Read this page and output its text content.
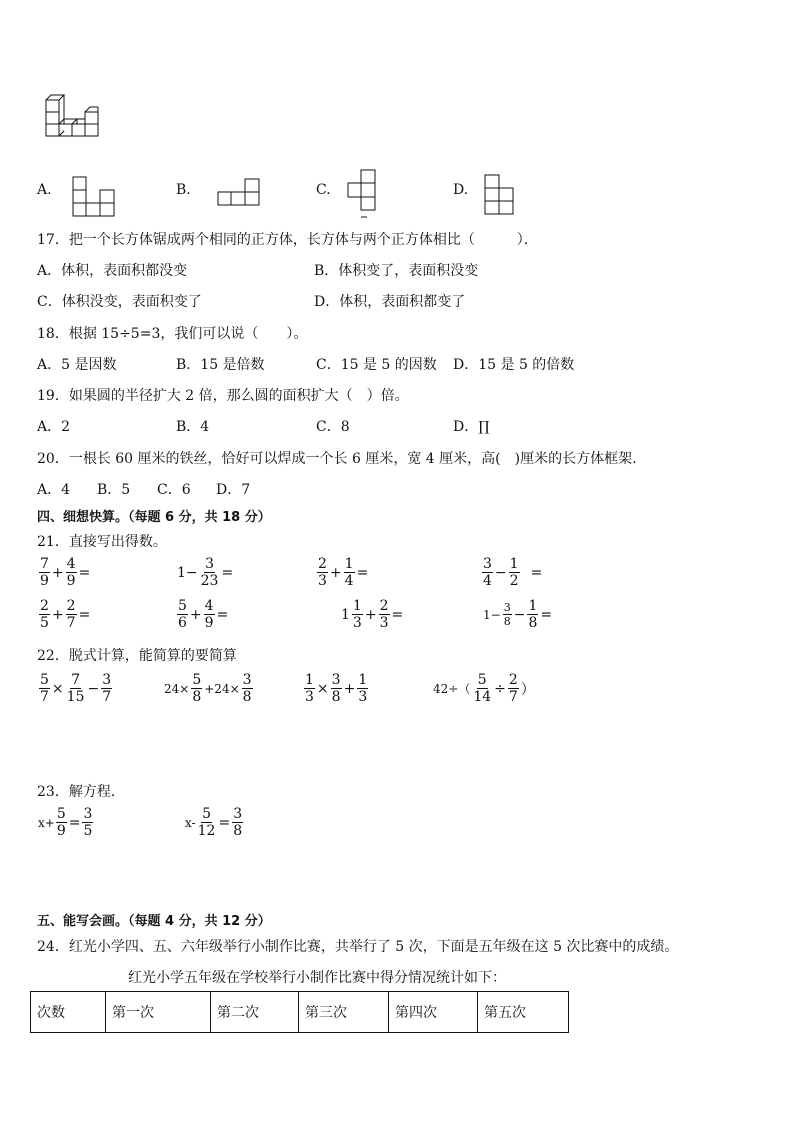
A.	B.	C.	D.
17．把一个长方体锯成两个相同的正方体，长方体与两个正方体相比（　　　）．
A．体积，表面积都没变	B．体积变了，表面积没变
C．体积没变，表面积变了	D．体积，表面积都变了
18．根据 15÷5=3，我们可以说（　　）。
A．5 是因数	B．15 是倍数	C．15 是 5 的因数 D．15 是 5 的倍数
19．如果圆的半径扩大 2 倍，那么圆的面积扩大（　）倍。
A．2	B．4	C．8	D．∏
20．一根长 60 厘米的铁丝，恰好可以焊成一个长 6 厘米，宽 4 厘米，高(　)厘米的长方体框架.
A．4 B．5 C．6 D．7
四、细想快算。（每题 6 分，共 18 分）
21．直接写出得数。
$\frac{7}{9} + \frac{4}{9}$ =	$1- \frac{3}{23}$ =	$\frac{2}{3} + \frac{1}{4}$ =	$\frac{3}{4} - \frac{1}{2}$ =
$\frac{2}{5} + \frac{2}{7}$ =	$\frac{5}{6} + \frac{4}{9}$ =	$1 \frac{1}{3} + \frac{2}{3}$ =	$1- \frac{3}{8} - \frac{1}{8}$ =
22．脱式计算，能简算的要简算
$\frac{5}{7} \times \frac{7}{15} - \frac{3}{7}$	$24\times \frac{5}{8} +24\times \frac{3}{8}$	$\frac{1}{3} \times \frac{3}{8} + \frac{1}{3}$	$42\div( \frac{5}{14} \div \frac{2}{7}$ ）
23．解方程．
$x+ \frac{5}{9} = \frac{3}{5}$	$x- \frac{5}{12} = \frac{3}{8}$
五、能写会画。（每题 4 分，共 12 分）
24．红光小学四、五、六年级举行小制作比赛，共举行了 5 次，下面是五年级在这 5 次比赛中的成绩。
红光小学五年级在学校举行小制作比赛中得分情况统计如下：
次数	第一次	第二次	第三次	第四次	第五次
